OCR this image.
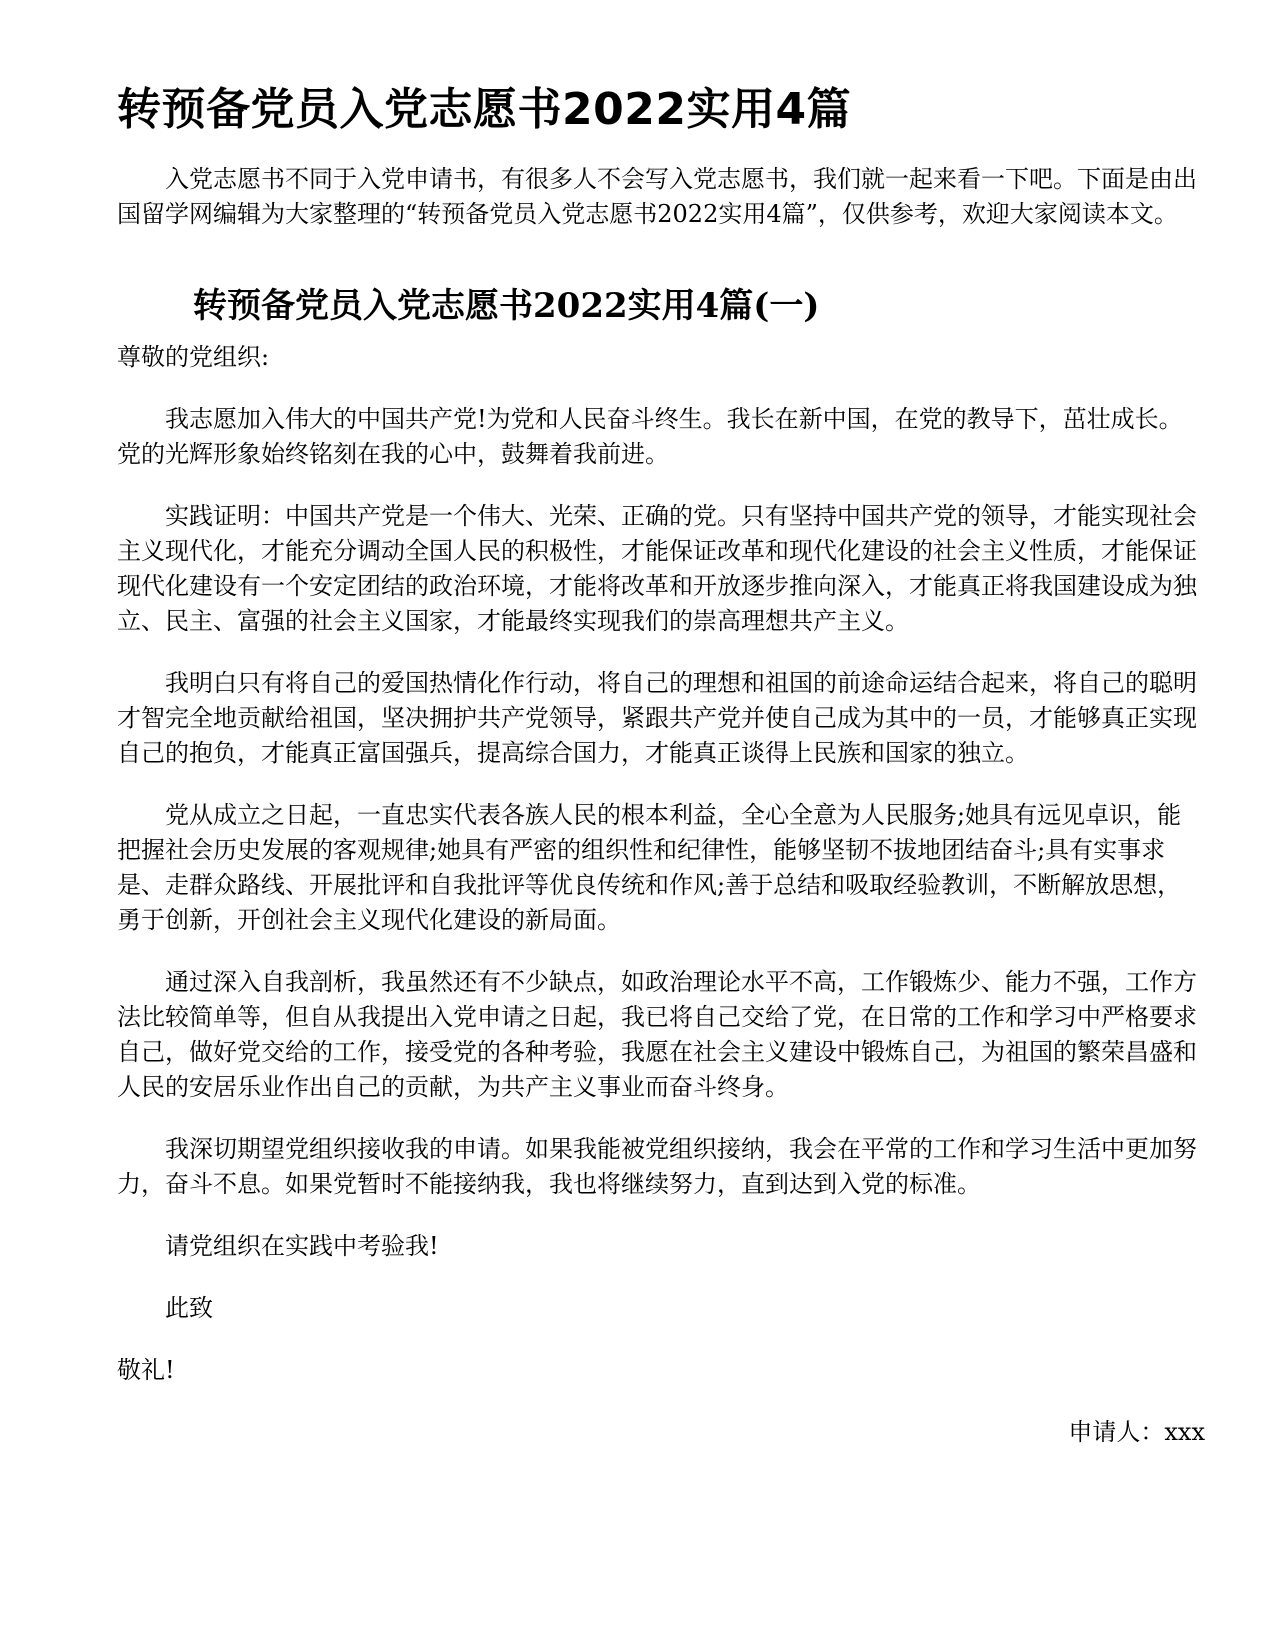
转预备党员入党志愿书2022实用4篇

入党志愿书不同于入党申请书，有很多人不会写入党志愿书，我们就一起来看一下吧。下面是由出国留学网编辑为大家整理的“转预备党员入党志愿书2022实用4篇”，仅供参考，欢迎大家阅读本文。

转预备党员入党志愿书2022实用4篇(一)

尊敬的党组织:

我志愿加入伟大的中国共产党!为党和人民奋斗终生。我长在新中国，在党的教导下，茁壮成长。党的光辉形象始终铭刻在我的心中，鼓舞着我前进。

实践证明：中国共产党是一个伟大、光荣、正确的党。只有坚持中国共产党的领导，才能实现社会主义现代化，才能充分调动全国人民的积极性，才能保证改革和现代化建设的社会主义性质，才能保证现代化建设有一个安定团结的政治环境，才能将改革和开放逐步推向深入，才能真正将我国建设成为独立、民主、富强的社会主义国家，才能最终实现我们的崇高理想共产主义。

我明白只有将自己的爱国热情化作行动，将自己的理想和祖国的前途命运结合起来，将自己的聪明才智完全地贡献给祖国，坚决拥护共产党领导，紧跟共产党并使自己成为其中的一员，才能够真正实现自己的抱负，才能真正富国强兵，提高综合国力，才能真正谈得上民族和国家的独立。

党从成立之日起，一直忠实代表各族人民的根本利益，全心全意为人民服务;她具有远见卓识，能把握社会历史发展的客观规律;她具有严密的组织性和纪律性，能够坚韧不拔地团结奋斗;具有实事求是、走群众路线、开展批评和自我批评等优良传统和作风;善于总结和吸取经验教训，不断解放思想，勇于创新，开创社会主义现代化建设的新局面。

通过深入自我剖析，我虽然还有不少缺点，如政治理论水平不高，工作锻炼少、能力不强，工作方法比较简单等，但自从我提出入党申请之日起，我已将自己交给了党，在日常的工作和学习中严格要求自己，做好党交给的工作，接受党的各种考验，我愿在社会主义建设中锻炼自己，为祖国的繁荣昌盛和人民的安居乐业作出自己的贡献，为共产主义事业而奋斗终身。

我深切期望党组织接收我的申请。如果我能被党组织接纳，我会在平常的工作和学习生活中更加努力，奋斗不息。如果党暂时不能接纳我，我也将继续努力，直到达到入党的标准。

请党组织在实践中考验我!

此致

敬礼!

申请人：xxx
